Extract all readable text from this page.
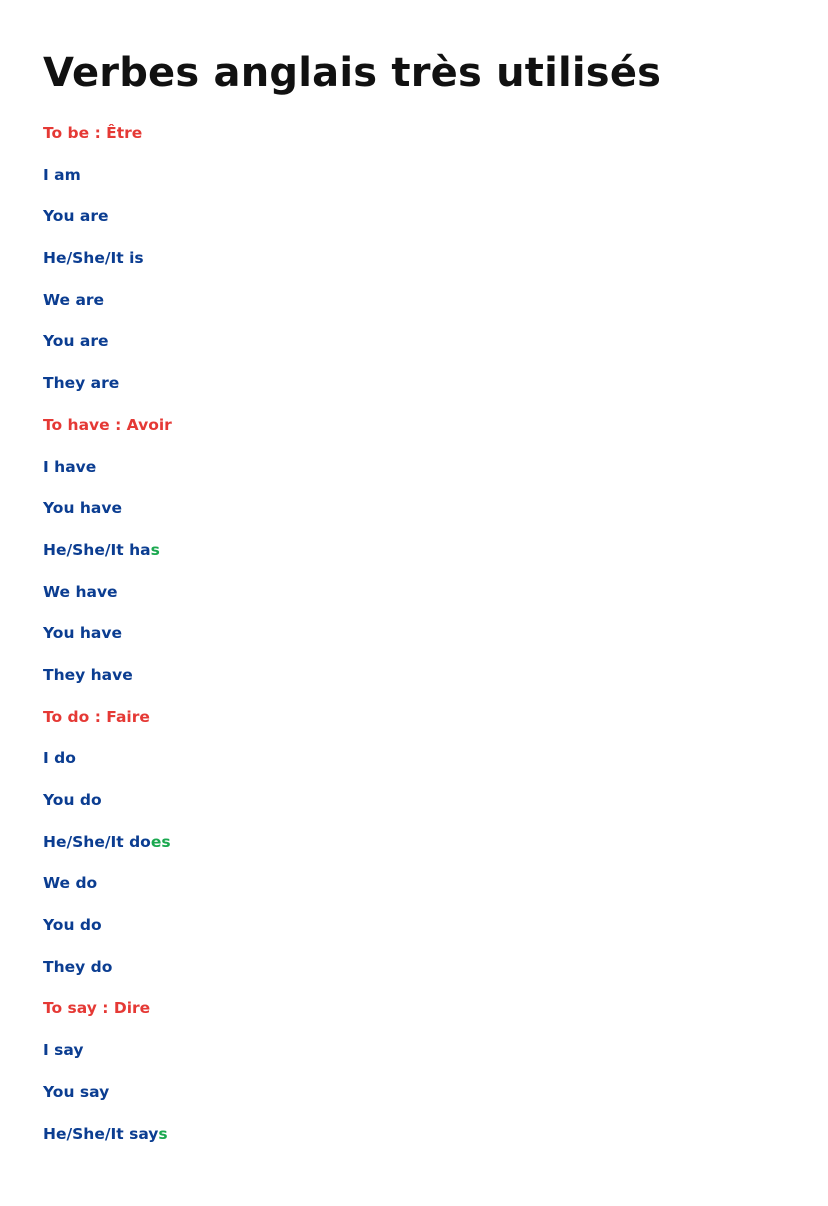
Verbes anglais très utilisés
To be : Être
I am
You are
He/She/It is
We are
You are
They are
To have : Avoir
I have
You have
He/She/It has
We have
You have
They have
To do : Faire
I do
You do
He/She/It does
We do
You do
They do
To say : Dire
I say
You say
He/She/It says
